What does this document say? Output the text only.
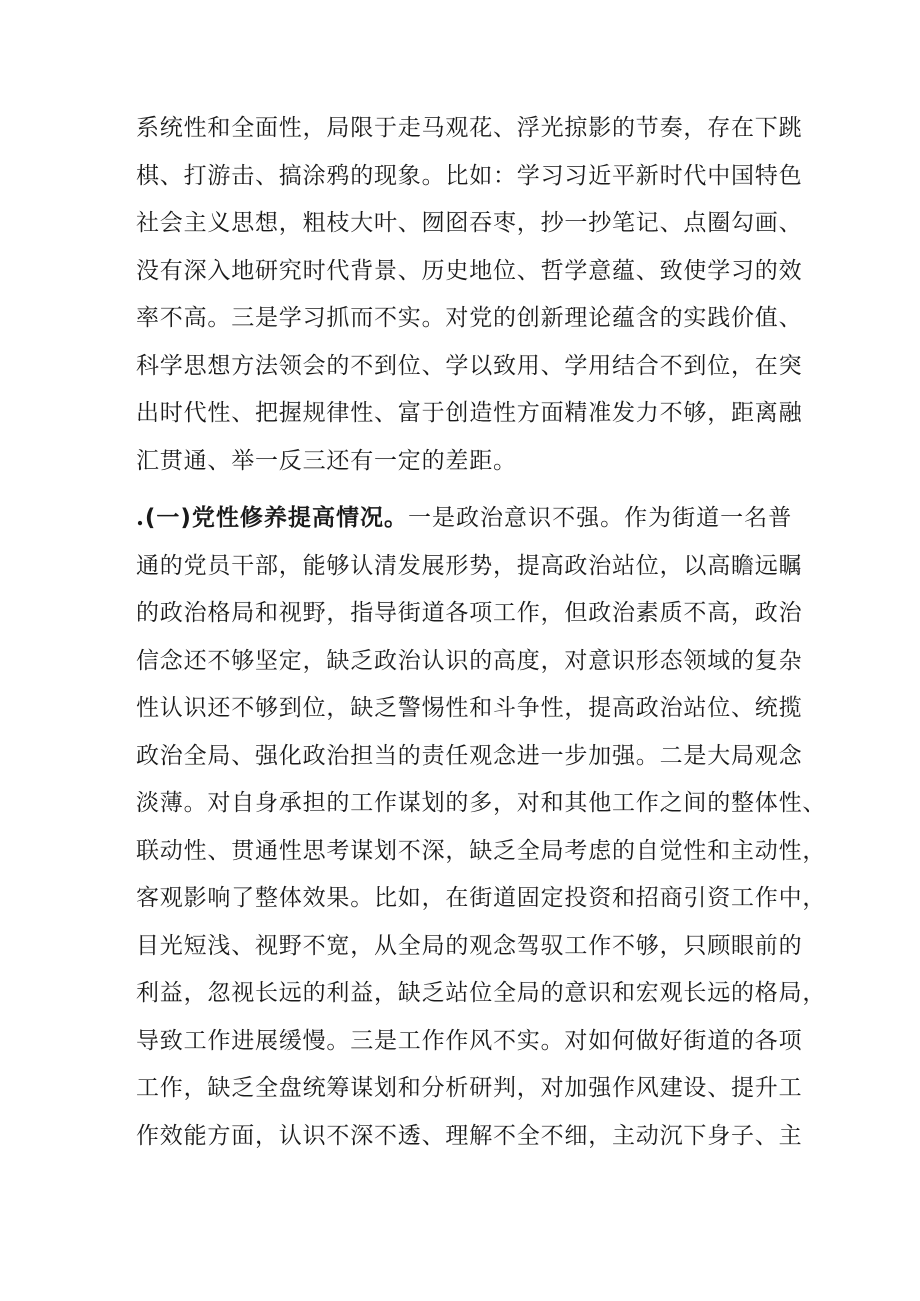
系统性和全面性，局限于走马观花、浮光掠影的节奏，存在下跳
棋、打游击、搞涂鸦的现象。比如：学习习近平新时代中国特色
社会主义思想，粗枝大叶、囫囵吞枣，抄一抄笔记、点圈勾画、
没有深入地研究时代背景、历史地位、哲学意蕴、致使学习的效
率不高。三是学习抓而不实。对党的创新理论蕴含的实践价值、
科学思想方法领会的不到位、学以致用、学用结合不到位，在突
出时代性、把握规律性、富于创造性方面精准发力不够，距离融
汇贯通、举一反三还有一定的差距。
.(一)党性修养提高情况。一是政治意识不强。作为街道一名普
通的党员干部，能够认清发展形势，提高政治站位，以高瞻远瞩
的政治格局和视野，指导街道各项工作，但政治素质不高，政治
信念还不够坚定，缺乏政治认识的高度，对意识形态领域的复杂
性认识还不够到位，缺乏警惕性和斗争性，提高政治站位、统揽
政治全局、强化政治担当的责任观念进一步加强。二是大局观念
淡薄。对自身承担的工作谋划的多，对和其他工作之间的整体性、
联动性、贯通性思考谋划不深，缺乏全局考虑的自觉性和主动性，
客观影响了整体效果。比如，在街道固定投资和招商引资工作中，
目光短浅、视野不宽，从全局的观念驾驭工作不够，只顾眼前的
利益，忽视长远的利益，缺乏站位全局的意识和宏观长远的格局，
导致工作进展缓慢。三是工作作风不实。对如何做好街道的各项
工作，缺乏全盘统筹谋划和分析研判，对加强作风建设、提升工
作效能方面，认识不深不透、理解不全不细，主动沉下身子、主
